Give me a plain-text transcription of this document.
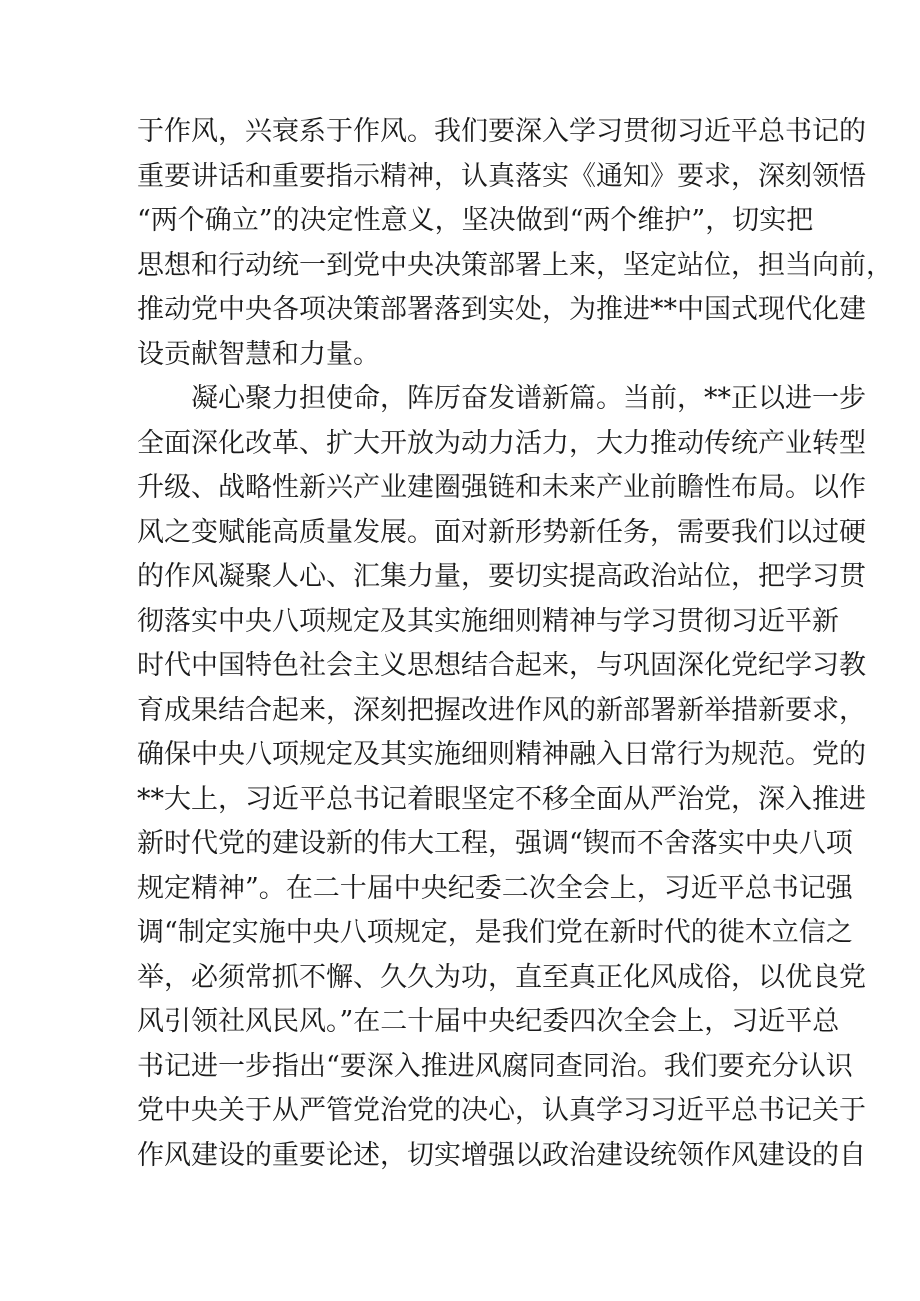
于作风，兴衰系于作风。我们要深入学习贯彻习近平总书记的
重要讲话和重要指示精神，认真落实《通知》要求，深刻领悟
“两个确立”的决定性意义，坚决做到“两个维护”，切实把
思想和行动统一到党中央决策部署上来，坚定站位，担当向前，
推动党中央各项决策部署落到实处，为推进**中国式现代化建
设贡献智慧和力量。
凝心聚力担使命，阵厉奋发谱新篇。当前，**正以进一步
全面深化改革、扩大开放为动力活力，大力推动传统产业转型
升级、战略性新兴产业建圈强链和未来产业前瞻性布局。以作
风之变赋能高质量发展。面对新形势新任务，需要我们以过硬
的作风凝聚人心、汇集力量，要切实提高政治站位，把学习贯
彻落实中央八项规定及其实施细则精神与学习贯彻习近平新
时代中国特色社会主义思想结合起来，与巩固深化党纪学习教
育成果结合起来，深刻把握改进作风的新部署新举措新要求，
确保中央八项规定及其实施细则精神融入日常行为规范。党的
**大上，习近平总书记着眼坚定不移全面从严治党，深入推进
新时代党的建设新的伟大工程，强调“锲而不舍落实中央八项
规定精神”。在二十届中央纪委二次全会上，习近平总书记强
调“制定实施中央八项规定，是我们党在新时代的徙木立信之
举，必须常抓不懈、久久为功，直至真正化风成俗，以优良党
风引领社风民风。”在二十届中央纪委四次全会上，习近平总
书记进一步指出“要深入推进风腐同查同治。我们要充分认识
党中央关于从严管党治党的决心，认真学习习近平总书记关于
作风建设的重要论述，切实增强以政治建设统领作风建设的自
